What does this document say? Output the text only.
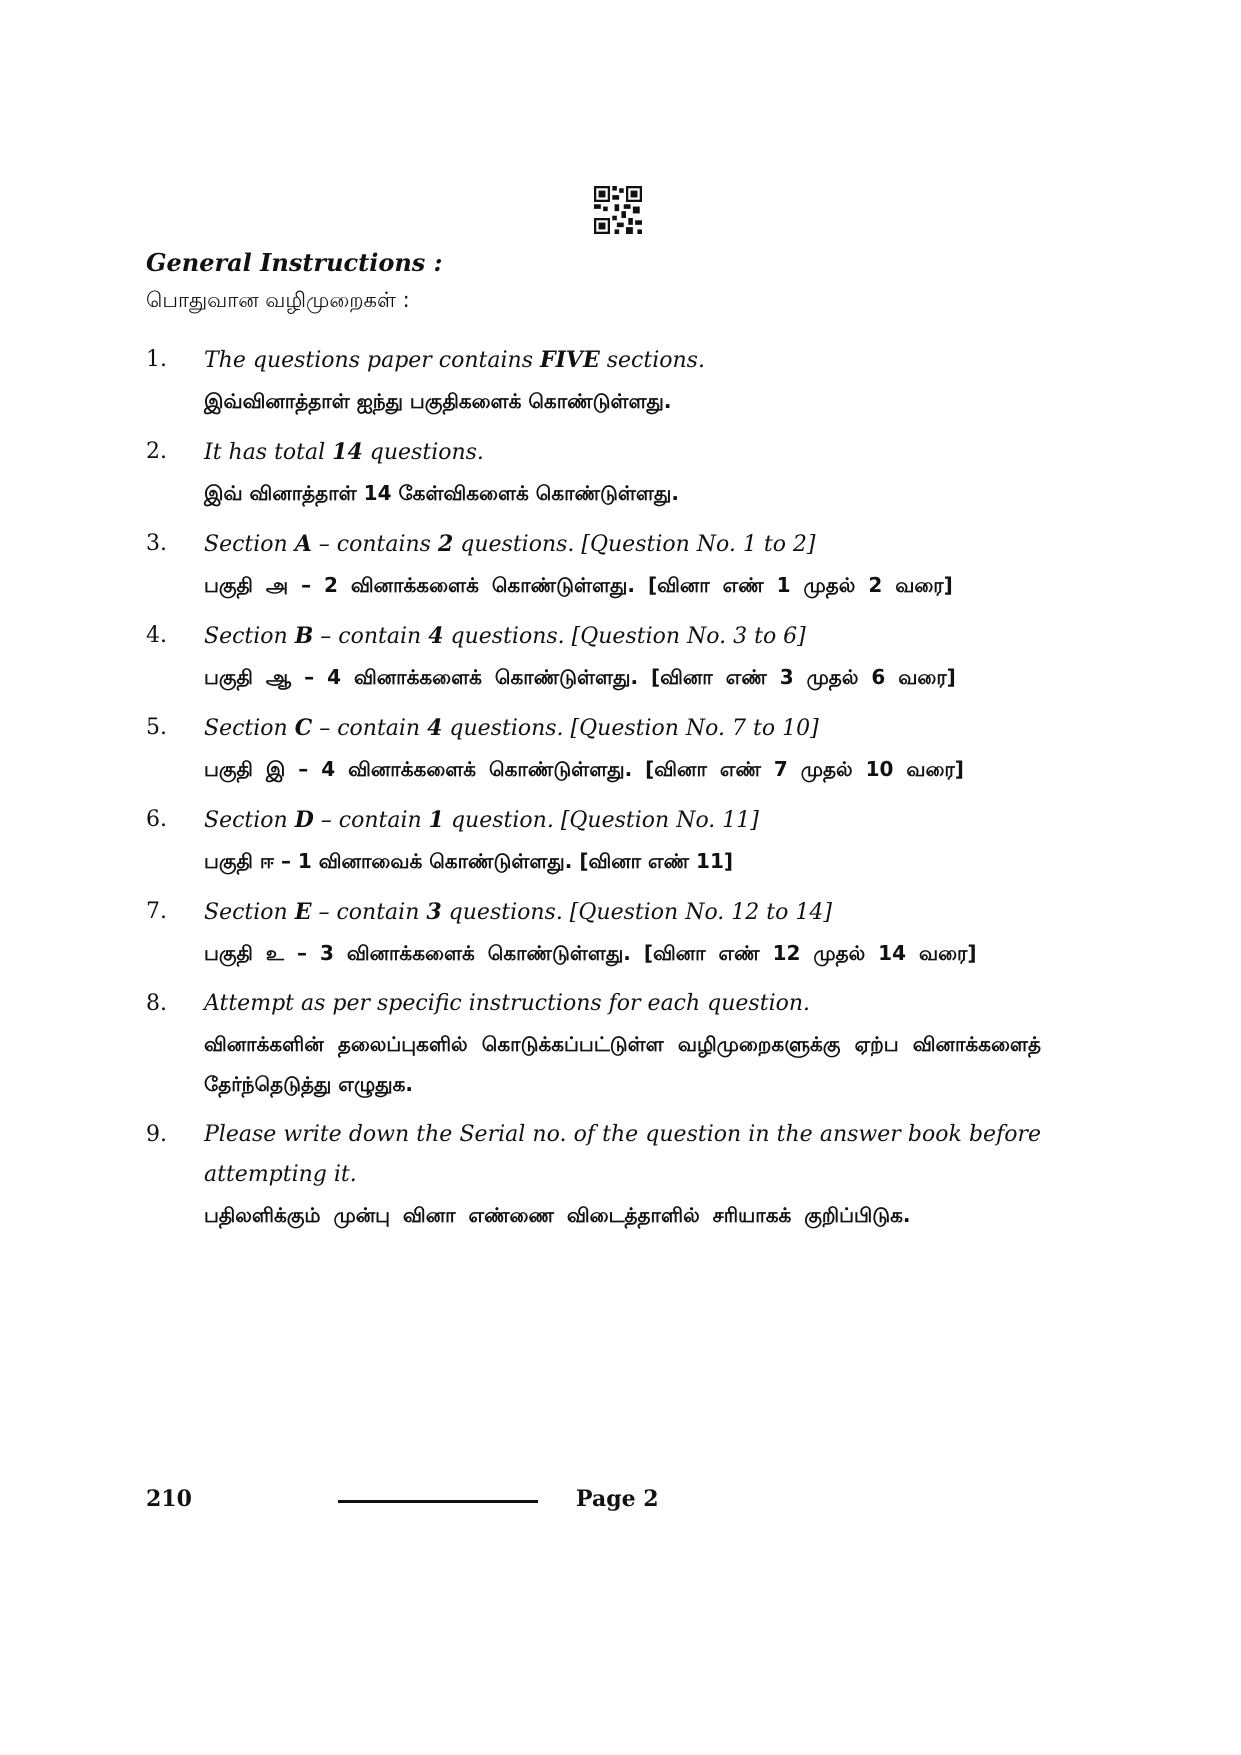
General Instructions :
பொதுவான வழிமுறைகள் :
1. The questions paper contains FIVE sections.
இவ்வினாத்தாள் ஐந்து பகுதிகளைக் கொண்டுள்ளது.
2. It has total 14 questions.
இவ் வினாத்தாள் 14 கேள்விகளைக் கொண்டுள்ளது.
3. Section A – contains 2 questions. [Question No. 1 to 2]
பகுதி அ – 2 வினாக்களைக் கொண்டுள்ளது. [வினா எண் 1 முதல் 2 வரை]
4. Section B – contain 4 questions. [Question No. 3 to 6]
பகுதி ஆ – 4 வினாக்களைக் கொண்டுள்ளது. [வினா எண் 3 முதல் 6 வரை]
5. Section C – contain 4 questions. [Question No. 7 to 10]
பகுதி இ – 4 வினாக்களைக் கொண்டுள்ளது. [வினா எண் 7 முதல் 10 வரை]
6. Section D – contain 1 question. [Question No. 11]
பகுதி ஈ – 1 வினாவைக் கொண்டுள்ளது. [வினா எண் 11]
7. Section E – contain 3 questions. [Question No. 12 to 14]
பகுதி உ – 3 வினாக்களைக் கொண்டுள்ளது. [வினா எண் 12 முதல் 14 வரை]
8. Attempt as per specific instructions for each question.
வினாக்களின் தலைப்புகளில் கொடுக்கப்பட்டுள்ள வழிமுறைகளுக்கு ஏற்ப வினாக்களைத் தேர்ந்தெடுத்து எழுதுக.
9. Please write down the Serial no. of the question in the answer book before attempting it.
பதிலளிக்கும் முன்பு வினா எண்ணை விடைத்தாளில் சரியாகக் குறிப்பிடுக.
210	Page 2
